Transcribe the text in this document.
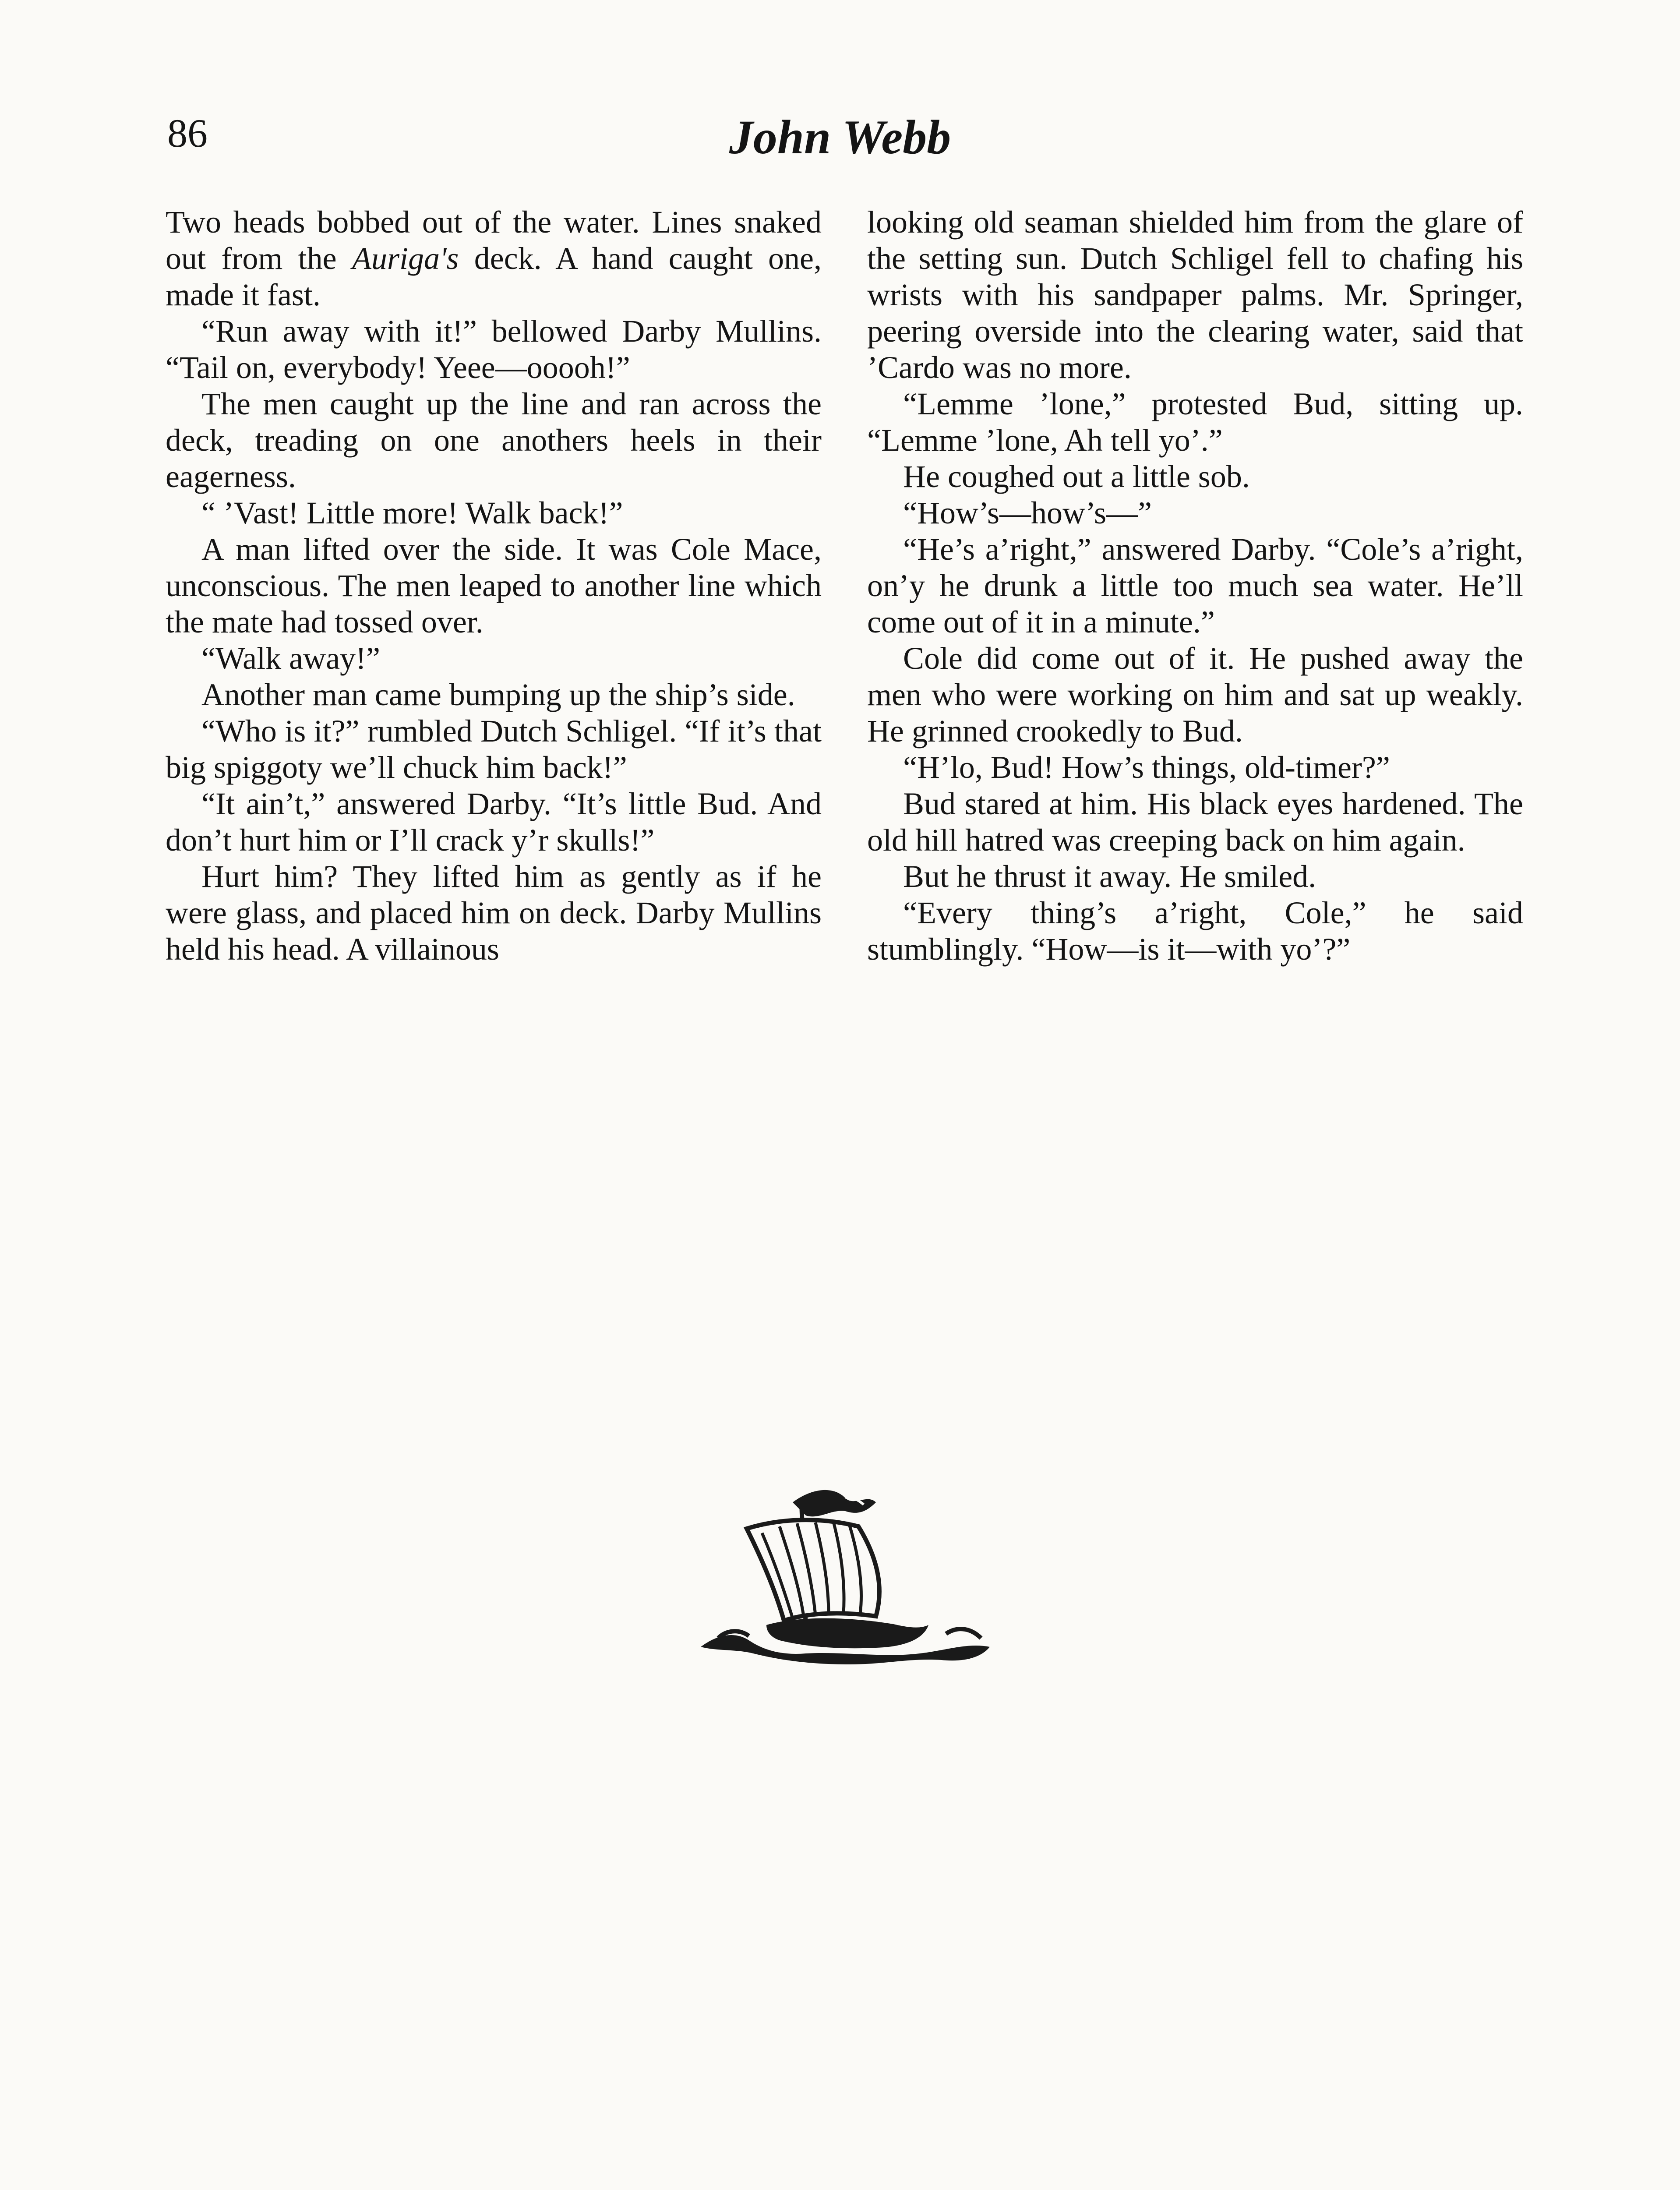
86	John Webb

Two heads bobbed out of the water. Lines snaked out from the Auriga's deck. A hand caught one, made it fast.

“Run away with it!” bellowed Darby Mullins. “Tail on, everybody! Yeee—ooooh!”

The men caught up the line and ran across the deck, treading on one anothers heels in their eagerness.

“ ’Vast! Little more! Walk back!”

A man lifted over the side. It was Cole Mace, unconscious. The men leaped to another line which the mate had tossed over.

“Walk away!”

Another man came bumping up the ship’s side.

“Who is it?” rumbled Dutch Schligel. “If it’s that big spiggoty we’ll chuck him back!”

“It ain’t,” answered Darby. “It’s little Bud. And don’t hurt him or I’ll crack y’r skulls!”

Hurt him? They lifted him as gently as if he were glass, and placed him on deck. Darby Mullins held his head. A villainous

looking old seaman shielded him from the glare of the setting sun. Dutch Schligel fell to chafing his wrists with his sandpaper palms. Mr. Springer, peering overside into the clearing water, said that ’Cardo was no more.

“Lemme ’lone,” protested Bud, sitting up. “Lemme ’lone, Ah tell yo’.”

He coughed out a little sob.

“How’s—how’s—”

“He’s a’right,” answered Darby. “Cole’s a’right, on’y he drunk a little too much sea water. He’ll come out of it in a minute.”

Cole did come out of it. He pushed away the men who were working on him and sat up weakly. He grinned crookedly to Bud.

“H’lo, Bud! How’s things, old-timer?”

Bud stared at him. His black eyes hardened. The old hill hatred was creeping back on him again.

But he thrust it away. He smiled.

“Every thing’s a’right, Cole,” he said stumblingly. “How—is it—with yo’?”
